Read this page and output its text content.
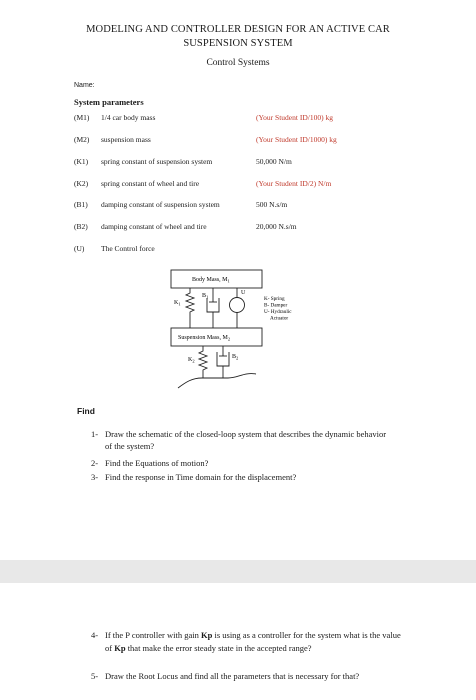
MODELING AND CONTROLLER DESIGN FOR AN ACTIVE CAR
SUSPENSION SYSTEM
Control Systems
Name:
System parameters
(M1) 1/4 car body mass	(Your Student ID/100) kg
(M2) suspension mass	(Your Student ID/1000) kg
(K1) spring constant of suspension system	50,000 N/m
(K2) spring constant of wheel and tire	(Your Student ID/2) N/m
(B1) damping constant of suspension system	500 N.s/m
(B2) damping constant of wheel and tire	20,000 N.s/m
(U) The Control force
Body Mass, $M_1$
$K_1$
$B_1$
U
K- Spring
B- Damper
U- Hydraulic
Actuator
Suspension Mass, $M_2$
$K_2$
$B_2$
Find
1- Draw the schematic of the closed-loop system that describes the dynamic behavior of the system?
2- Find the Equations of motion?
3- Find the response in Time domain for the displacement?
4- If the P controller with gain Kp is using as a controller for the system what is the value of Kp that make the error steady state in the accepted range?
5- Draw the Root Locus and find all the parameters that is necessary for that?
